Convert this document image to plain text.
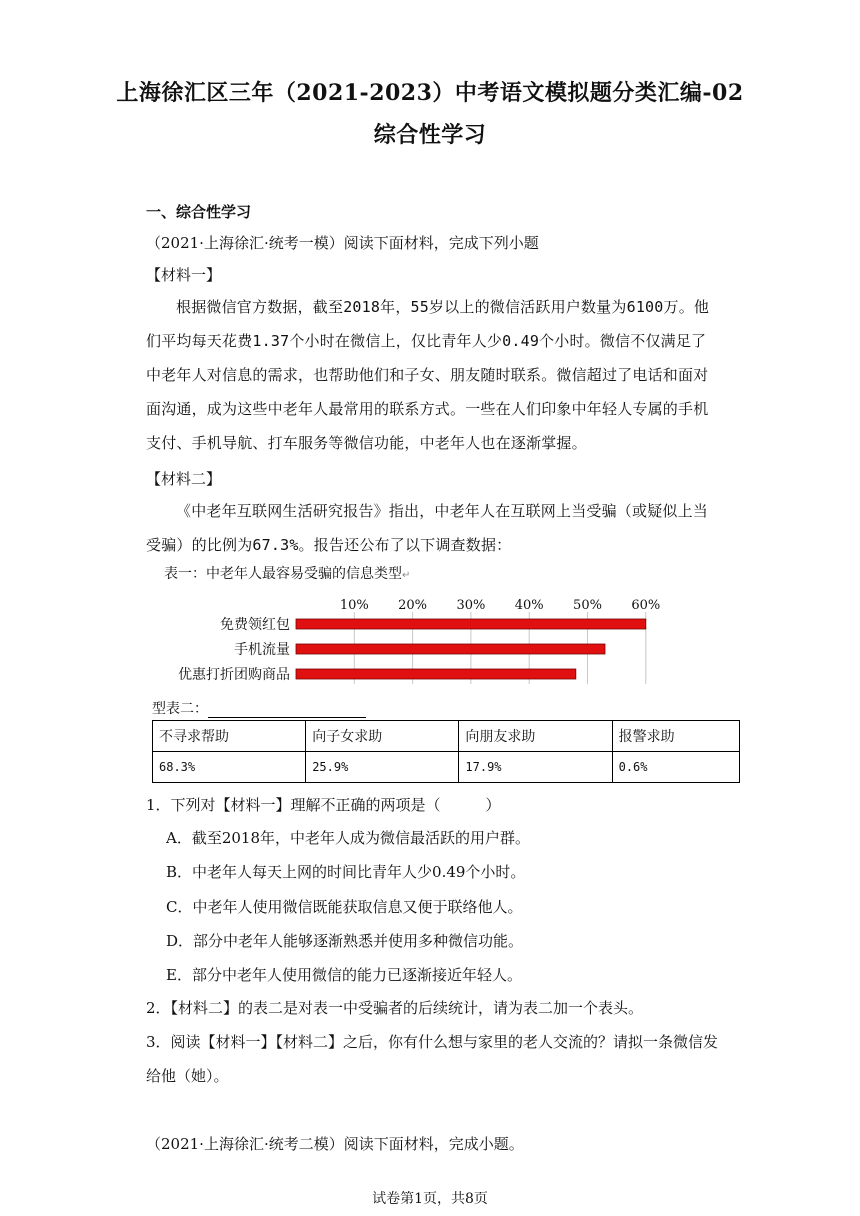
上海徐汇区三年（2021-2023）中考语文模拟题分类汇编-02
综合性学习
一、综合性学习
（2021·上海徐汇·统考一模）阅读下面材料，完成下列小题
【材料一】
根据微信官方数据，截至2018年，55岁以上的微信活跃用户数量为6100万。他们平均每天花费1.37个小时在微信上，仅比青年人少0.49个小时。微信不仅满足了中老年人对信息的需求，也帮助他们和子女、朋友随时联系。微信超过了电话和面对面沟通，成为这些中老年人最常用的联系方式。一些在人们印象中年轻人专属的手机支付、手机导航、打车服务等微信功能，中老年人也在逐渐掌握。
【材料二】
《中老年互联网生活研究报告》指出，中老年人在互联网上当受骗（或疑似上当受骗）的比例为67.3%。报告还公布了以下调查数据：
表一：中老年人最容易受骗的信息类型↵
10% 20% 30% 40% 50% 60%
免费领红包
手机流量
优惠打折团购商品
型表二：
不寻求帮助	向子女求助	向朋友求助	报警求助
68.3%	25.9%	17.9%	0.6%
1．下列对【材料一】理解不正确的两项是（　　　）
A．截至2018年，中老年人成为微信最活跃的用户群。
B．中老年人每天上网的时间比青年人少0.49个小时。
C．中老年人使用微信既能获取信息又便于联络他人。
D．部分中老年人能够逐渐熟悉并使用多种微信功能。
E．部分中老年人使用微信的能力已逐渐接近年轻人。
2．【材料二】的表二是对表一中受骗者的后续统计，请为表二加一个表头。
3．阅读【材料一】【材料二】之后，你有什么想与家里的老人交流的？请拟一条微信发给他（她）。
（2021·上海徐汇·统考二模）阅读下面材料，完成小题。
试卷第1页，共8页
